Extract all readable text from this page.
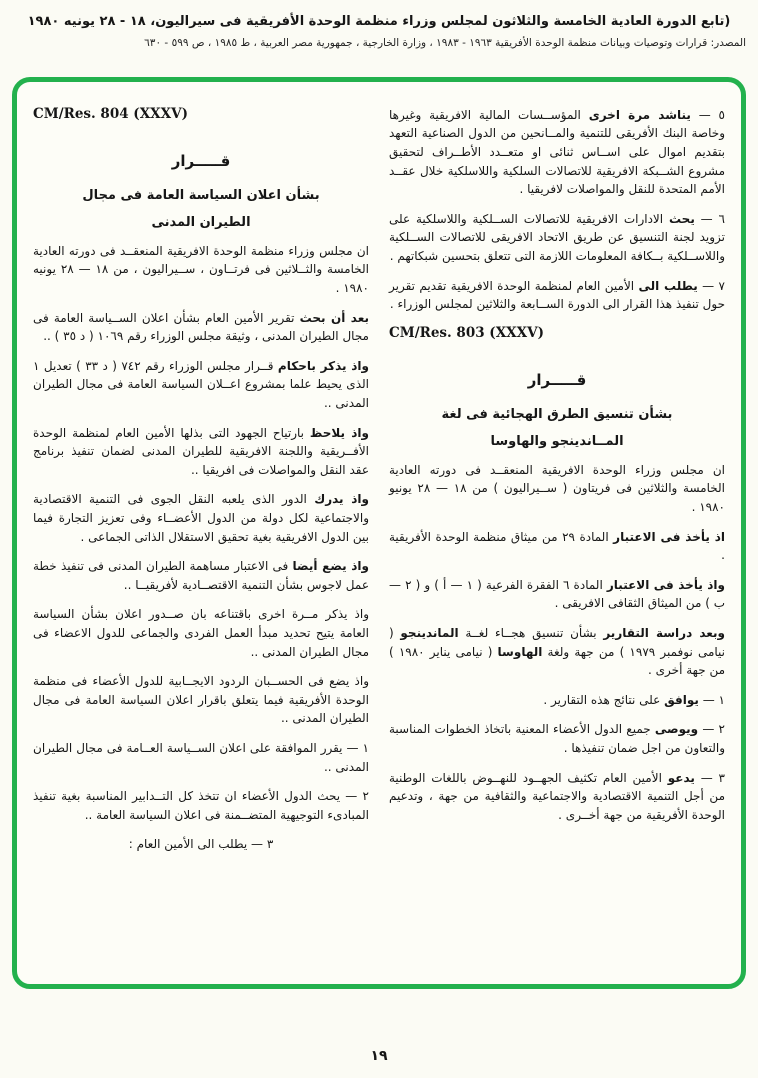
(تابع الدورة العادية الخامسة والثلاثون لمجلس وزراء منظمة الوحدة الأفريقية فى سيراليون، ١٨ - ٢٨ يونيه ١٩٨٠
المصدر: قرارات وتوصيات وبيانات منظمة الوحدة الأفريقية ١٩٦٣ - ١٩٨٣ ، وزارة الخارجية ، جمهورية مصر العربية ، ط ١٩٨٥ ، ص ٥٩٩ - ٦٣٠

٥ — يناشد مرة اخرى المؤســسات المالية الافريقية وغيرها وخاصة البنك الأفريقى للتنمية والمــانحين من الدول الصناعية التعهد بتقديم اموال على اســاس ثنائى او متعــدد الأطــراف لتحقيق مشروع الشــبكة الافريقية للاتصالات السلكية واللاسلكية خلال عقــد الأمم المتحدة للنقل والمواصلات لافريقيا .

٦ — يحث الادارات الافريقية للاتصالات الســلكية واللاسلكية على تزويد لجنة التنسيق عن طريق الاتحاد الافريقى للاتصالات الســلكية واللاســلكية بــكافة المعلومات اللازمة التى تتعلق بتحسين شبكاتهم .

٧ — يطلب الى الأمين العام لمنظمة الوحدة الافريقية تقديم تقرير حول تنفيذ هذا القرار الى الدورة الســابعة والثلاثين لمجلس الوزراء .

CM/Res. 803 (XXXV)

قـــــرار

بشأن تنسيق الطرق الهجائية فى لغة

المــاندينجو والهاوسا

ان مجلس وزراء الوحدة الافريقية المنعقــد فى دورته العادية الخامسة والثلاثين فى فريتاون ( ســيراليون ) من ١٨ — ٢٨ يونيو ١٩٨٠ .

اذ يأخذ فى الاعتبار المادة ٢٩ من ميثاق منظمة الوحدة الأفريقية .

واذ يأخذ فى الاعتبار المادة ٦ الفقرة الفرعية ( ١ — أ ) و ( ٢ — ب ) من الميثاق الثقافى الافريقى .

وبعد دراسة التقارير بشأن تنسيق هجــاء لغــة الماندينجو ( نيامى نوفمبر ١٩٧٩ ) من جهة ولغة الهاوسا ( نيامى يناير ١٩٨٠ ) من جهة أخرى .

١ — يوافق على نتائج هذه التقارير .

٢ — ويوصى جميع الدول الأعضاء المعنية باتخاذ الخطوات المناسبة والتعاون من اجل ضمان تنفيذها .

٣ — يدعو الأمين العام تكثيف الجهــود للنهــوض باللغات الوطنية من أجل التنمية الاقتصادية والاجتماعية والثقافية من جهة ، وتدعيم الوحدة الأفريقية من جهة أخــرى .

CM/Res. 804 (XXXV)

قـــــرار

بشأن اعلان السياسة العامة فى مجال

الطيران المدنى

ان مجلس وزراء منظمة الوحدة الافريقية المنعقــد فى دورته العادية الخامسة والثــلاثين فى فرتــاون ، ســيراليون ، من ١٨ — ٢٨ يونيه ١٩٨٠ .

بعد أن بحث تقرير الأمين العام بشأن اعلان الســياسة العامة فى مجال الطيران المدنى ، وثيقة مجلس الوزراء رقم ١٠٦٩ ( د ٣٥ ) ..

واذ يذكر باحكام قــرار مجلس الوزراء رقم ٧٤٢ ( د ٣٣ ) تعديل ١ الذى يحيط علما بمشروع اعــلان السياسة العامة فى مجال الطيران المدنى ..

واذ يلاحظ بارتياح الجهود التى بذلها الأمين العام لمنظمة الوحدة الأفــريقية واللجنة الافريقية للطيران المدنى لضمان تنفيذ برنامج عقد النقل والمواصلات فى افريقيا ..

واذ يدرك الدور الذى يلعبه النقل الجوى فى التنمية الاقتصادية والاجتماعية لكل دولة من الدول الأعضــاء وفى تعزيز التجارة فيما بين الدول الافريقية بغية تحقيق الاستقلال الذاتى الجماعى .

واذ يضع أيضا فى الاعتبار مساهمة الطيران المدنى فى تنفيذ خطة عمل لاجوس بشأن التنمية الاقتصــادية لأفريقيــا ..

واذ يذكر مــرة اخرى باقتناعه بان صــدور اعلان بشأن السياسة العامة يتيح تحديد مبدأ العمل الفردى والجماعى للدول الاعضاء فى مجال الطيران المدنى ..

واذ يضع فى الحســبان الردود الايجــابية للدول الأعضاء فى منظمة الوحدة الأفريقية فيما يتعلق باقرار اعلان السياسة العامة فى مجال الطيران المدنى ..

١ — يقرر الموافقة على اعلان الســياسة العــامة فى مجال الطيران المدنى ..

٢ — يحث الدول الأعضاء ان تتخذ كل التــدابير المناسبة بغية تنفيذ المبادىء التوجيهية المتضــمنة فى اعلان السياسة العامة ..

٣ — يطلب الى الأمين العام :

١٩
